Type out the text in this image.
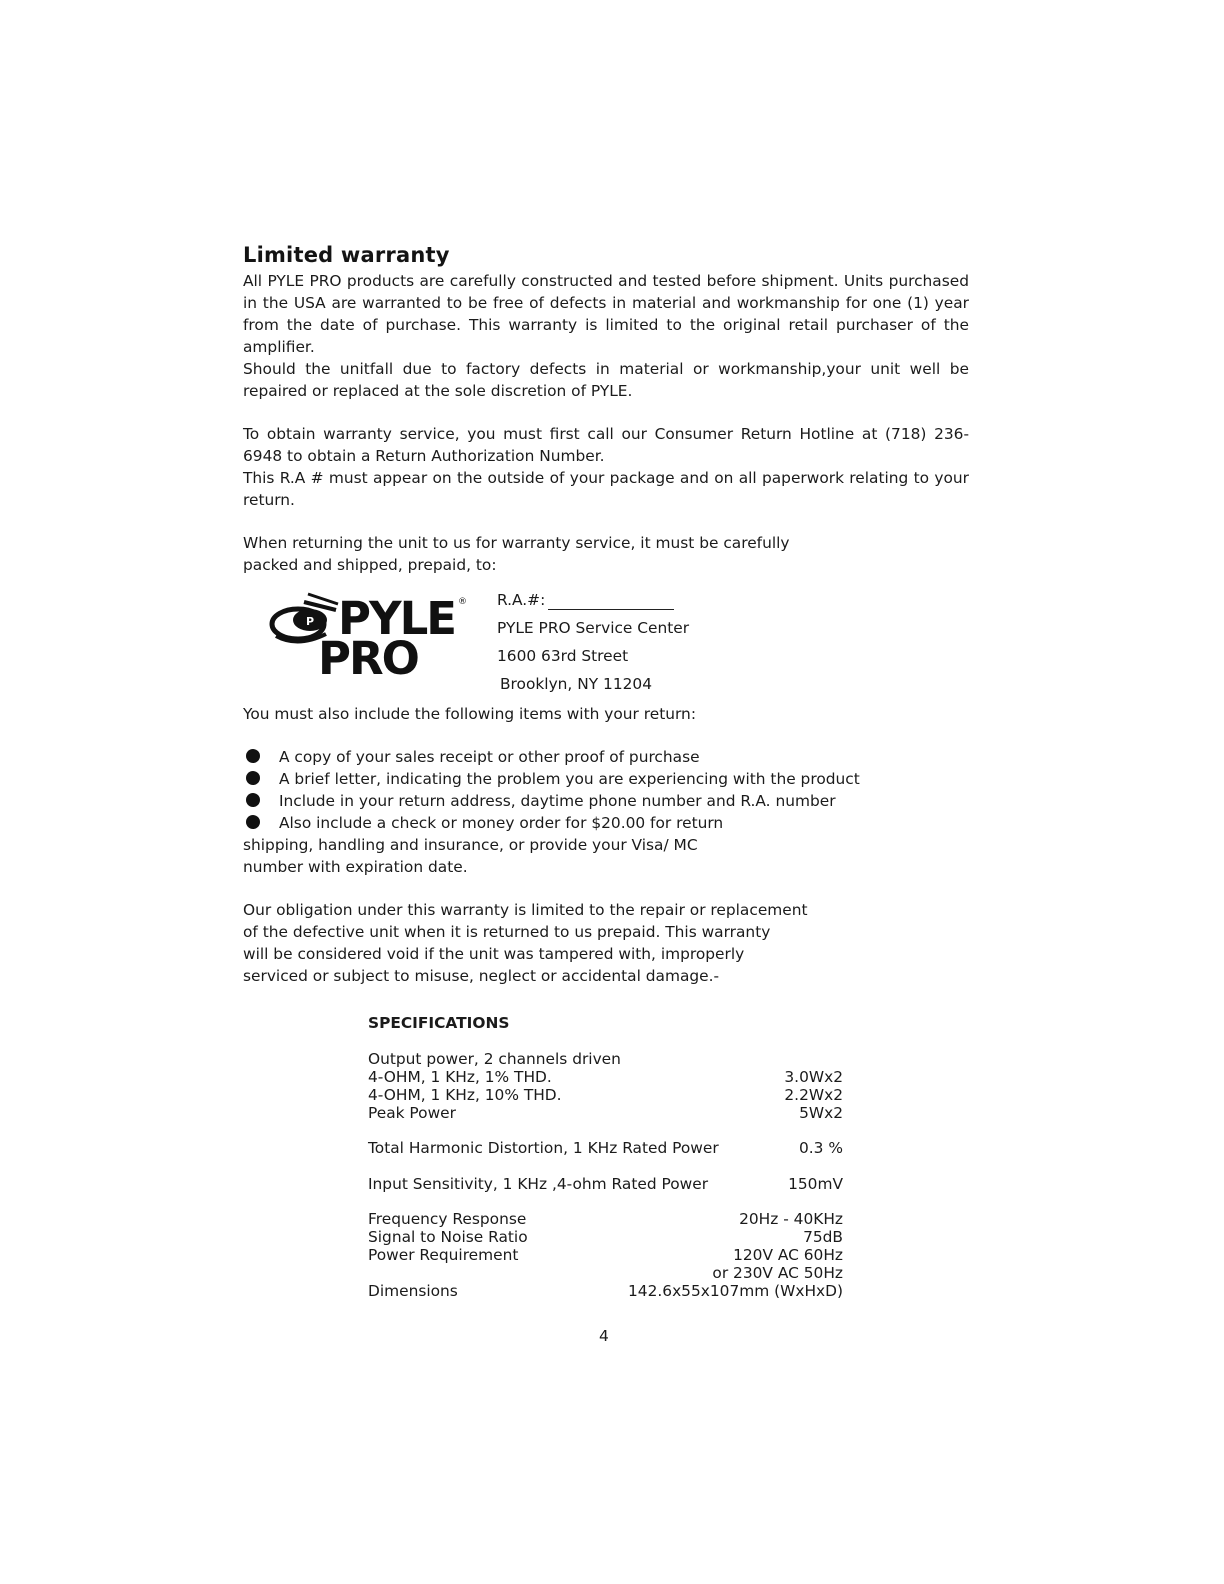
Limited warranty
All PYLE PRO products are carefully constructed and tested before shipment. Units purchased in the USA are warranted to be free of defects in material and workmanship for one (1) year from the date of purchase. This warranty is limited to the original retail purchaser of the amplifier.
Should the unitfall due to factory defects in material or workmanship,your unit well be repaired or replaced at the sole discretion of PYLE.
To obtain warranty service, you must first call our Consumer Return Hotline at (718) 236-6948 to obtain a Return Authorization Number.
This R.A # must appear on the outside of your package and on all paperwork relating to your return.
When returning the unit to us for warranty service, it must be carefully
packed and shipped, prepaid, to:
P PYLE ®
PRO
R.A.#:
PYLE PRO Service Center
1600 63rd Street
Brooklyn, NY 11204
You must also include the following items with your return:
A copy of your sales receipt or other proof of purchase
A brief letter, indicating the problem you are experiencing with the product
Include in your return address, daytime phone number and R.A. number
Also include a check or money order for $20.00 for return
shipping, handling and insurance, or provide your Visa/ MC
number with expiration date.
Our obligation under this warranty is limited to the repair or replacement
of the defective unit when it is returned to us prepaid. This warranty
will be considered void if the unit was tampered with, improperly
serviced or subject to misuse, neglect or accidental damage.-
SPECIFICATIONS
Output power, 2 channels driven
4-OHM, 1 KHz, 1% THD.	3.0Wx2
4-OHM, 1 KHz, 10% THD.	2.2Wx2
Peak Power	5Wx2
Total Harmonic Distortion, 1 KHz Rated Power	0.3 %
Input Sensitivity, 1 KHz ,4-ohm Rated Power	150mV
Frequency Response	20Hz - 40KHz
Signal to Noise Ratio	75dB
Power Requirement	120V AC 60Hz
or 230V AC 50Hz
Dimensions	142.6x55x107mm (WxHxD)
4
